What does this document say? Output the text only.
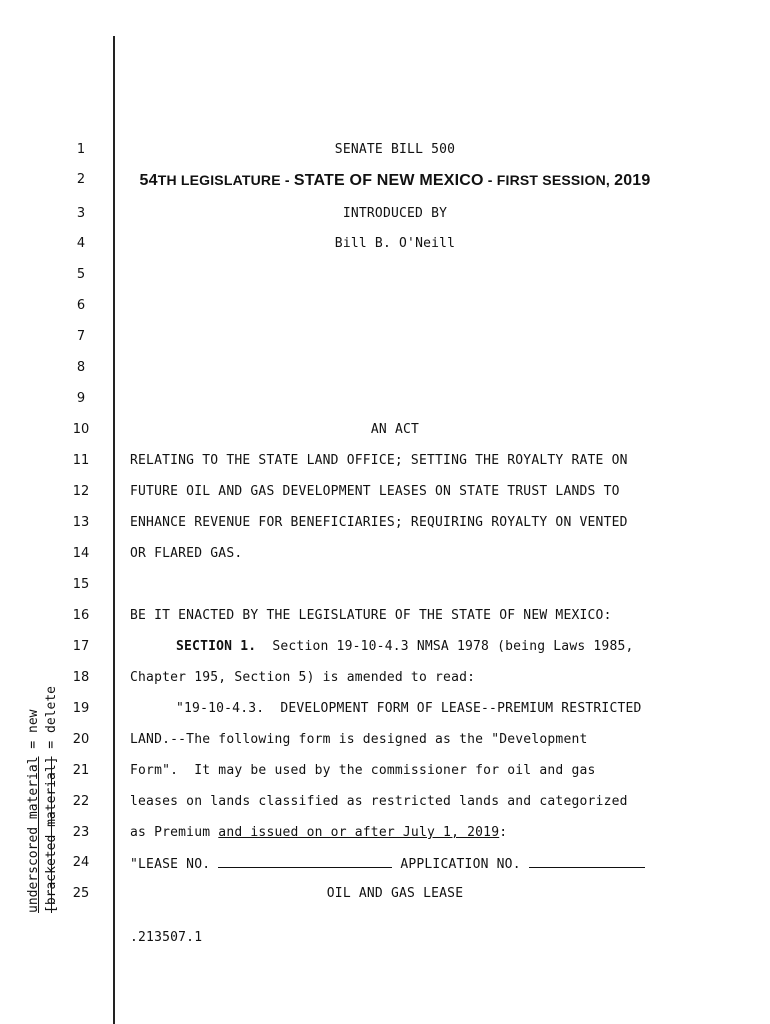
SENATE BILL 500
54TH LEGISLATURE - STATE OF NEW MEXICO - FIRST SESSION, 2019
INTRODUCED BY
Bill B. O'Neill
AN ACT
RELATING TO THE STATE LAND OFFICE; SETTING THE ROYALTY RATE ON
FUTURE OIL AND GAS DEVELOPMENT LEASES ON STATE TRUST LANDS TO
ENHANCE REVENUE FOR BENEFICIARIES; REQUIRING ROYALTY ON VENTED
OR FLARED GAS.
BE IT ENACTED BY THE LEGISLATURE OF THE STATE OF NEW MEXICO:
SECTION 1.  Section 19-10-4.3 NMSA 1978 (being Laws 1985,
Chapter 195, Section 5) is amended to read:
"19-10-4.3.  DEVELOPMENT FORM OF LEASE--PREMIUM RESTRICTED
LAND.--The following form is designed as the "Development
Form".  It may be used by the commissioner for oil and gas
leases on lands classified as restricted lands and categorized
as Premium and issued on or after July 1, 2019:
"LEASE NO.	APPLICATION NO.
OIL AND GAS LEASE
.213507.1
underscored material = new
[bracketed material] = delete
1
2
3
4
5
6
7
8
9
10
11
12
13
14
15
16
17
18
19
20
21
22
23
24
25
